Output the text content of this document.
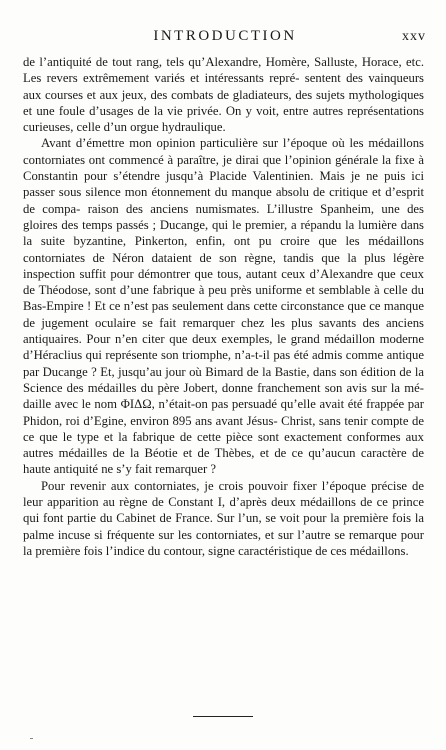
INTRODUCTION	xxv

de l’antiquité de tout rang, tels qu’Alexandre, Homère, Salluste, Horace, etc. Les revers extrêmement variés et intéressants repré- sentent des vainqueurs aux courses et aux jeux, des combats de gladiateurs, des sujets mythologiques et une foule d’usages de la vie privée. On y voit, entre autres représentations curieuses, celle d’un orgue hydraulique.

Avant d’émettre mon opinion particulière sur l’époque où les médaillons contorniates ont commencé à paraître, je dirai que l’opinion générale la fixe à Constantin pour s’étendre jusqu’à Placide Valentinien. Mais je ne puis ici passer sous silence mon étonnement du manque absolu de critique et d’esprit de compa- raison des anciens numismates. L’illustre Spanheim, une des gloires des temps passés ; Ducange, qui le premier, a répandu la lumière dans la suite byzantine, Pinkerton, enfin, ont pu croire que les médaillons contorniates de Néron dataient de son règne, tandis que la plus légère inspection suffit pour démontrer que tous, autant ceux d’Alexandre que ceux de Théodose, sont d’une fabrique à peu près uniforme et semblable à celle du Bas-Empire ! Et ce n’est pas seulement dans cette circonstance que ce manque de jugement oculaire se fait remarquer chez les plus savants des anciens antiquaires. Pour n’en citer que deux exemples, le grand médaillon moderne d’Héraclius qui représente son triomphe, n’a-t-il pas été admis comme antique par Ducange ? Et, jusqu’au jour où Bimard de la Bastie, dans son édition de la Science des médailles du père Jobert, donne franchement son avis sur la mé- daille avec le nom ΦΙΔΩ, n’était-on pas persuadé qu’elle avait été frappée par Phidon, roi d’Egine, environ 895 ans avant Jésus- Christ, sans tenir compte de ce que le type et la fabrique de cette pièce sont exactement conformes aux autres médailles de la Béotie et de Thèbes, et de ce qu’aucun caractère de haute antiquité ne s’y fait remarquer ?

Pour revenir aux contorniates, je crois pouvoir fixer l’époque précise de leur apparition au règne de Constant I, d’après deux médaillons de ce prince qui font partie du Cabinet de France. Sur l’un, se voit pour la première fois la palme incuse si fréquente sur les contorniates, et sur l’autre se remarque pour la première fois l’indice du contour, signe caractéristique de ces médaillons.
